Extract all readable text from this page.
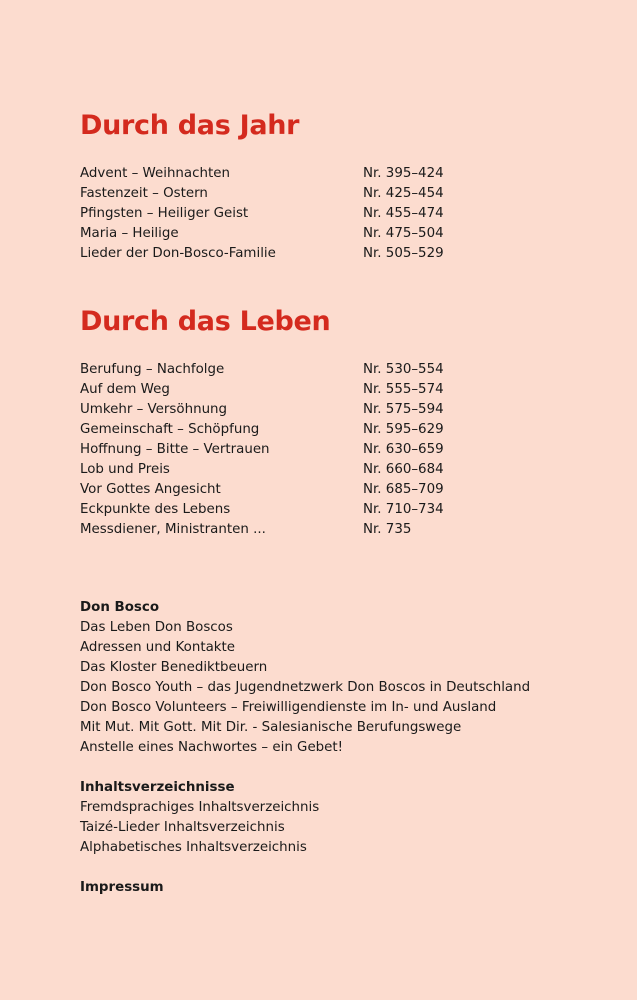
Durch das Jahr
Advent – Weihnachten	Nr. 395–424
Fastenzeit – Ostern	Nr. 425–454
Pfingsten – Heiliger Geist	Nr. 455–474
Maria – Heilige	Nr. 475–504
Lieder der Don-Bosco-Familie	Nr. 505–529
Durch das Leben
Berufung – Nachfolge	Nr. 530–554
Auf dem Weg	Nr. 555–574
Umkehr – Versöhnung	Nr. 575–594
Gemeinschaft – Schöpfung	Nr. 595–629
Hoffnung – Bitte – Vertrauen	Nr. 630–659
Lob und Preis	Nr. 660–684
Vor Gottes Angesicht	Nr. 685–709
Eckpunkte des Lebens	Nr. 710–734
Messdiener, Ministranten ...	Nr. 735
Don Bosco
Das Leben Don Boscos
Adressen und Kontakte
Das Kloster Benediktbeuern
Don Bosco Youth – das Jugendnetzwerk Don Boscos in Deutschland
Don Bosco Volunteers – Freiwilligendienste im In- und Ausland
Mit Mut. Mit Gott. Mit Dir. - Salesianische Berufungswege
Anstelle eines Nachwortes – ein Gebet!
Inhaltsverzeichnisse
Fremdsprachiges Inhaltsverzeichnis
Taizé-Lieder Inhaltsverzeichnis
Alphabetisches Inhaltsverzeichnis
Impressum
